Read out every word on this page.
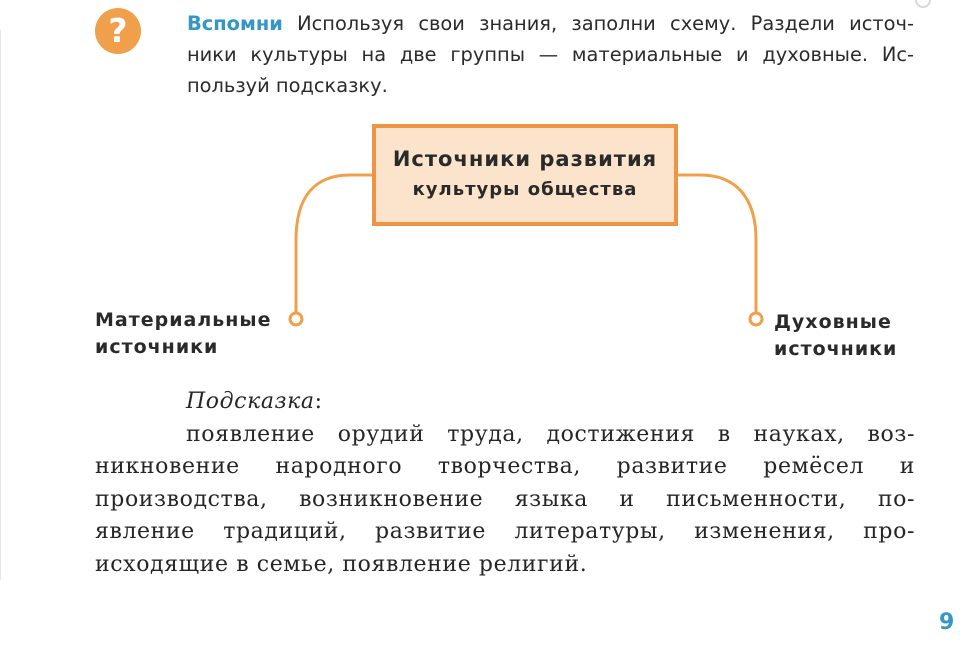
?	Вспомни Используя свои знания, заполни схему. Раздели источ-
ники культуры на две группы — материальные и духовные. Ис-
пользуй подсказку.
Источники развития
культуры общества
Материальные
источники
Духовные
источники
Подсказка:
появление орудий труда, достижения в науках, воз-
никновение народного творчества, развитие ремёсел и
производства, возникновение языка и письменности, по-
явление традиций, развитие литературы, изменения, про-
исходящие в семье, появление религий.
9
